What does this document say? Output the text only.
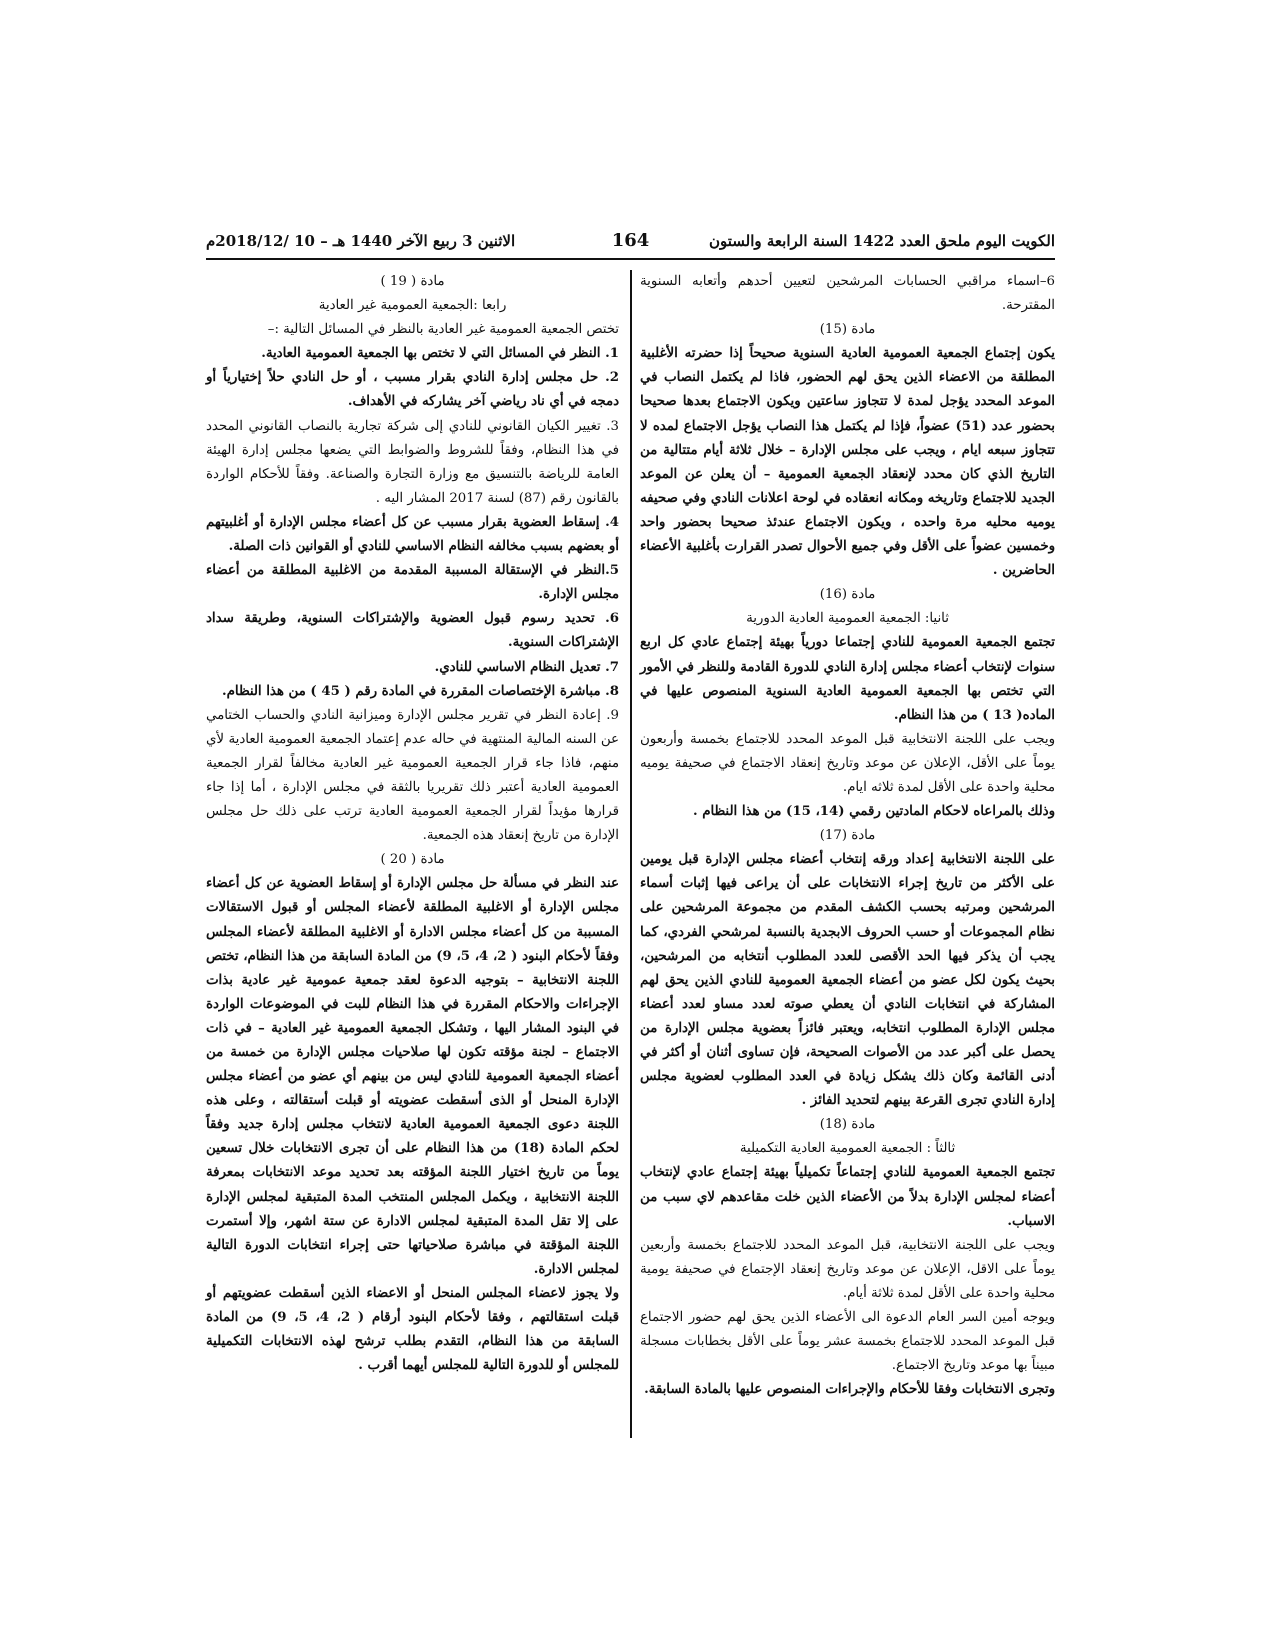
الكويت اليوم ملحق العدد 1422 السنة الرابعة والستون
164
الاثنين 3 ربيع الآخر 1440 هـ – 10 /2018/12م

6–اسماء مراقبي الحسابات المرشحين لتعيين أحدهم وأتعابه السنوية المقترحة.

مادة (15)

يكون إجتماع الجمعية العمومية العادية السنوية صحيحاً إذا حضرته الأغلبية المطلقة من الاعضاء الذين يحق لهم الحضور، فاذا لم يكتمل النصاب في الموعد المحدد يؤجل لمدة لا تتجاوز ساعتين ويكون الاجتماع بعدها صحيحا بحضور عدد (51) عضواً، فإذا لم يكتمل هذا النصاب يؤجل الاجتماع لمده لا تتجاوز سبعه ايام ، ويجب على مجلس الإدارة – خلال ثلاثة أيام متتالية من التاريخ الذي كان محدد لإنعقاد الجمعية العمومية – أن يعلن عن الموعد الجديد للاجتماع وتاريخه ومكانه انعقاده في لوحة اعلانات النادي وفي صحيفه يوميه محليه مرة واحده ، ويكون الاجتماع عندئذ صحيحا بحضور واحد وخمسين عضواً على الأقل وفي جميع الأحوال تصدر القرارت بأغلبية الأعضاء الحاضرين .

مادة (16)

ثانيا: الجمعية العمومية العادية الدورية

تجتمع الجمعية العمومية للنادي إجتماعا دورياً بهيئة إجتماع عادي كل اربع سنوات لإنتخاب أعضاء مجلس إدارة النادي للدورة القادمة وللنظر في الأمور التي تختص بها الجمعية العمومية العادية السنوية المنصوص عليها في الماده( 13 ) من هذا النظام.

ويجب على اللجنة الانتخابية قبل الموعد المحدد للاجتماع بخمسة وأربعون يوماً على الأقل، الإعلان عن موعد وتاريخ إنعقاد الاجتماع في صحيفة يوميه محلية واحدة على الأقل لمدة ثلاثه ايام.

وذلك بالمراعاه لاحكام المادتين رقمي (14، 15) من هذا النظام .

مادة (17)

على اللجنة الانتخابية إعداد ورقه إنتخاب أعضاء مجلس الإدارة قبل يومين على الأكثر من تاريخ إجراء الانتخابات على أن يراعى فيها إثبات أسماء المرشحين ومرتبه بحسب الكشف المقدم من مجموعة المرشحين على نظام المجموعات أو حسب الحروف الابجدية بالنسبة لمرشحي الفردي، كما يجب أن يذكر فيها الحد الأقصى للعدد المطلوب أنتخابه من المرشحين، بحيث يكون لكل عضو من أعضاء الجمعية العمومية للنادي الذين يحق لهم المشاركة في انتخابات النادي أن يعطي صوته لعدد مساو لعدد أعضاء مجلس الإدارة المطلوب انتخابه، ويعتبر فائزاً بعضوية مجلس الإدارة من يحصل على أكبر عدد من الأصوات الصحيحة، فإن تساوى أثنان أو أكثر في أدنى القائمة وكان ذلك يشكل زيادة في العدد المطلوب لعضوية مجلس إدارة النادي تجرى القرعة بينهم لتحديد الفائز .

مادة (18)

ثالثاً : الجمعية العمومية العادية التكميلية

تجتمع الجمعية العمومية للنادي إجتماعاً تكميلياً بهيئة إجتماع عادي لإنتخاب أعضاء لمجلس الإدارة بدلاً من الأعضاء الذين خلت مقاعدهم لاي سبب من الاسباب.

ويجب على اللجنة الانتخابية، قبل الموعد المحدد للاجتماع بخمسة وأربعين يوماً على الاقل، الإعلان عن موعد وتاريخ إنعقاد الإجتماع في صحيفة يومية محلية واحدة على الأقل لمدة ثلاثة أيام.

ويوجه أمين السر العام الدعوة الى الأعضاء الذين يحق لهم حضور الاجتماع قبل الموعد المحدد للاجتماع بخمسة عشر يوماً على الأقل بخطابات مسجلة مبيناً بها موعد وتاريخ الاجتماع.

وتجرى الانتخابات وفقا للأحكام والإجراءات المنصوص عليها بالمادة السابقة.

مادة ( 19 )

رابعا :الجمعية العمومية غير العادية

تختص الجمعية العمومية غير العادية بالنظر في المسائل التالية :–

1. النظر في المسائل التي لا تختص بها الجمعية العمومية العادية.

2. حل مجلس إدارة النادي بقرار مسبب ، أو حل النادي حلاً إختيارياً أو دمجه في أي ناد رياضي آخر يشاركه في الأهداف.

3. تغيير الكيان القانوني للنادي إلى شركة تجارية بالنصاب القانوني المحدد في هذا النظام، وفقاً للشروط والضوابط التي يضعها مجلس إدارة الهيئة العامة للرياضة بالتنسيق مع وزارة التجارة والصناعة. وفقاً للأحكام الواردة بالقانون رقم (87) لسنة 2017 المشار اليه .

4. إسقاط العضوية بقرار مسبب عن كل أعضاء مجلس الإدارة أو أغلبيتهم أو بعضهم بسبب مخالفه النظام الاساسي للنادي أو القوانين ذات الصلة.

5.النظر في الإستقالة المسببة المقدمة من الاغلبية المطلقة من أعضاء مجلس الإدارة.

6. تحديد رسوم قبول العضوية والإشتراكات السنوية، وطريقة سداد الإشتراكات السنوية.

7. تعديل النظام الاساسي للنادي.

8. مباشرة الإختصاصات المقررة في المادة رقم ( 45 ) من هذا النظام.

9. إعادة النظر في تقرير مجلس الإدارة وميزانية النادي والحساب الختامي عن السنه المالية المنتهية في حاله عدم إعتماد الجمعية العمومية العادية لأي منهم، فاذا جاء قرار الجمعية العمومية غير العادية مخالفاً لقرار الجمعية العمومية العادية أعتبر ذلك تقريريا بالثقة في مجلس الإدارة ، أما إذا جاء قرارها مؤيداً لقرار الجمعية العمومية العادية ترتب على ذلك حل مجلس الإدارة من تاريخ إنعقاد هذه الجمعية.

مادة ( 20 )

عند النظر في مسألة حل مجلس الإدارة أو إسقاط العضوية عن كل أعضاء مجلس الإدارة أو الاغلبية المطلقة لأعضاء المجلس أو قبول الاستقالات المسببة من كل أعضاء مجلس الادارة أو الاغلبية المطلقة لأعضاء المجلس وفقاً لأحكام البنود ( 2، 4، 5، 9) من المادة السابقة من هذا النظام، تختص اللجنة الانتخابية – بتوجيه الدعوة لعقد جمعية عمومية غير عادية بذات الإجراءات والاحكام المقررة في هذا النظام للبت في الموضوعات الواردة في البنود المشار اليها ، وتشكل الجمعية العمومية غير العادية – في ذات الاجتماع – لجنة مؤقته تكون لها صلاحيات مجلس الإدارة من خمسة من أعضاء الجمعية العمومية للنادي ليس من بينهم أي عضو من أعضاء مجلس الإدارة المنحل أو الذى أسقطت عضويته أو قبلت أستقالته ، وعلى هذه اللجنة دعوى الجمعية العمومية العادية لانتخاب مجلس إدارة جديد وفقاً لحكم المادة (18) من هذا النظام على أن تجرى الانتخابات خلال تسعين يوماً من تاريخ اختيار اللجنة المؤقته بعد تحديد موعد الانتخابات بمعرفة اللجنة الانتخابية ، ويكمل المجلس المنتخب المدة المتبقية لمجلس الإدارة على إلا تقل المدة المتبقية لمجلس الادارة عن ستة اشهر، وإلا أستمرت اللجنة المؤقتة في مباشرة صلاحياتها حتى إجراء انتخابات الدورة التالية لمجلس الادارة.

ولا يجوز لاعضاء المجلس المنحل أو الاعضاء الذين أسقطت عضويتهم أو قبلت استقالتهم ، وفقا لأحكام البنود أرقام ( 2، 4، 5، 9) من المادة السابقة من هذا النظام، التقدم بطلب ترشح لهذه الانتخابات التكميلية للمجلس أو للدورة التالية للمجلس أيهما أقرب .
